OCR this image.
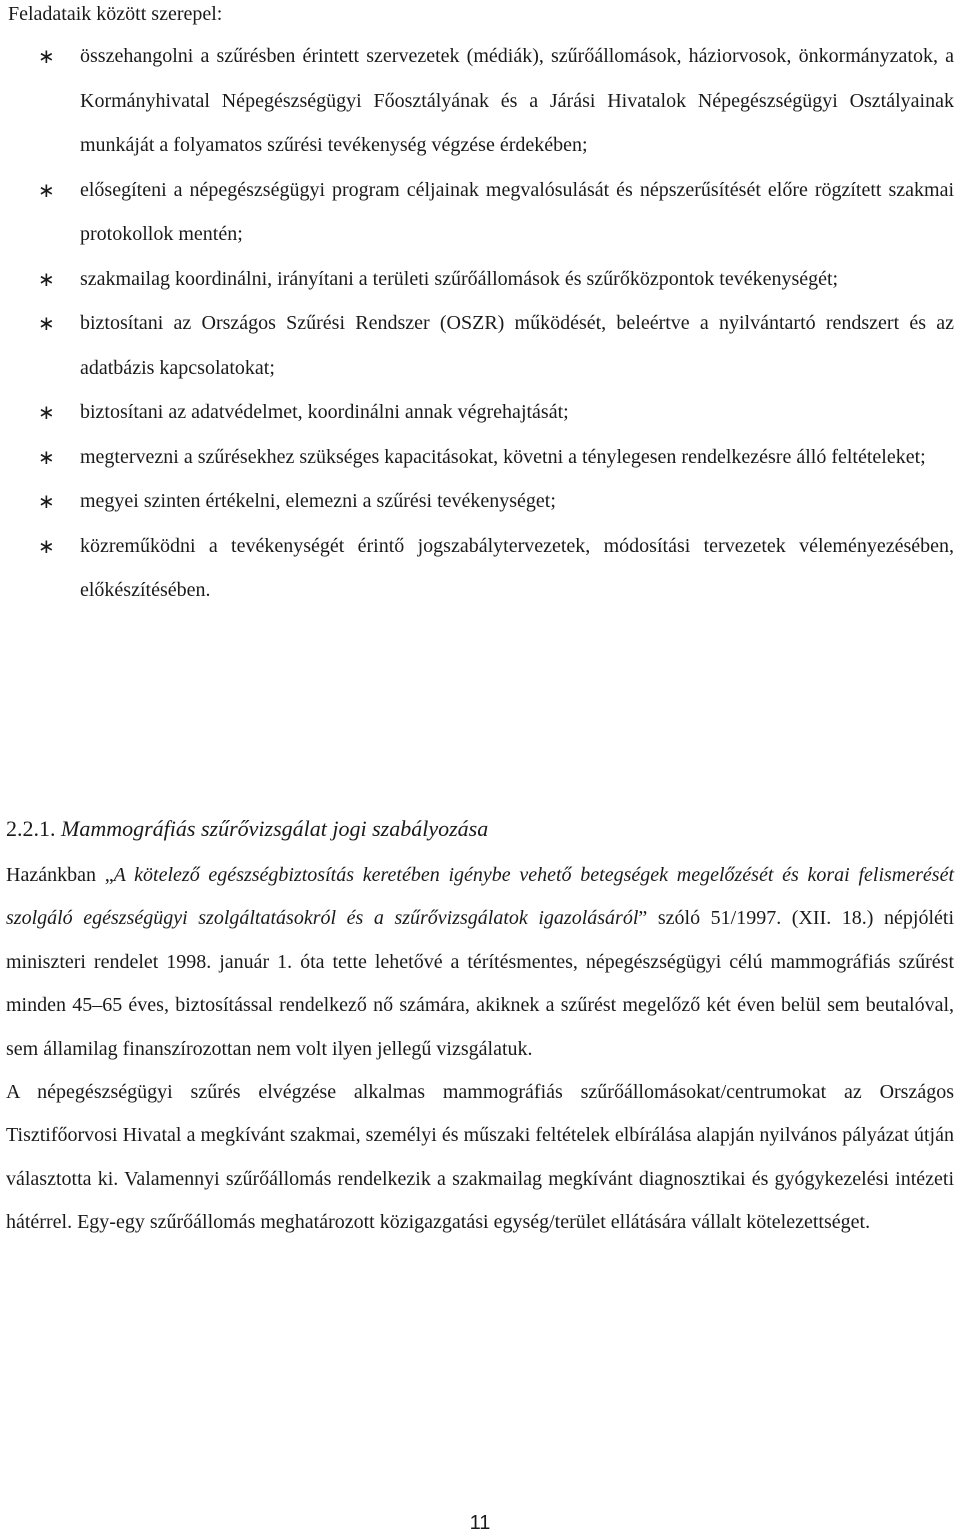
Feladataik között szerepel:

∗ összehangolni a szűrésben érintett szervezetek (médiák), szűrőállomások, háziorvosok, önkormányzatok, a Kormányhivatal Népegészségügyi Főosztályának és a Járási Hivatalok Népegészségügyi Osztályainak munkáját a folyamatos szűrési tevékenység végzése érdekében;
∗ elősegíteni a népegészségügyi program céljainak megvalósulását és népszerűsítését előre rögzített szakmai protokollok mentén;
∗ szakmailag koordinálni, irányítani a területi szűrőállomások és szűrőközpontok tevékenységét;
∗ biztosítani az Országos Szűrési Rendszer (OSZR) működését, beleértve a nyilvántartó rendszert és az adatbázis kapcsolatokat;
∗ biztosítani az adatvédelmet, koordinálni annak végrehajtását;
∗ megtervezni a szűrésekhez szükséges kapacitásokat, követni a ténylegesen rendelkezésre álló feltételeket;
∗ megyei szinten értékelni, elemezni a szűrési tevékenységet;
∗ közreműködni a tevékenységét érintő jogszabálytervezetek, módosítási tervezetek véleményezésében, előkészítésében.
2.2.1. Mammográfiás szűrővizsgálat jogi szabályozása

Hazánkban „A kötelező egészségbiztosítás keretében igénybe vehető betegségek megelőzését és korai felismerését szolgáló egészségügyi szolgáltatásokról és a szűrővizsgálatok igazolásáról” szóló 51/1997. (XII. 18.) népjóléti miniszteri rendelet 1998. január 1. óta tette lehetővé a térítésmentes, népegészségügyi célú mammográfiás szűrést minden 45–65 éves, biztosítással rendelkező nő számára, akiknek a szűrést megelőző két éven belül sem beutalóval, sem államilag finanszírozottan nem volt ilyen jellegű vizsgálatuk.

A népegészségügyi szűrés elvégzése alkalmas mammográfiás szűrőállomásokat/centrumokat az Országos Tisztifőorvosi Hivatal a megkívánt szakmai, személyi és műszaki feltételek elbírálása alapján nyilvános pályázat útján választotta ki. Valamennyi szűrőállomás rendelkezik a szakmailag megkívánt diagnosztikai és gyógykezelési intézeti hátérrel. Egy-egy szűrőállomás meghatározott közigazgatási egység/terület ellátására vállalt kötelezettséget.

11
